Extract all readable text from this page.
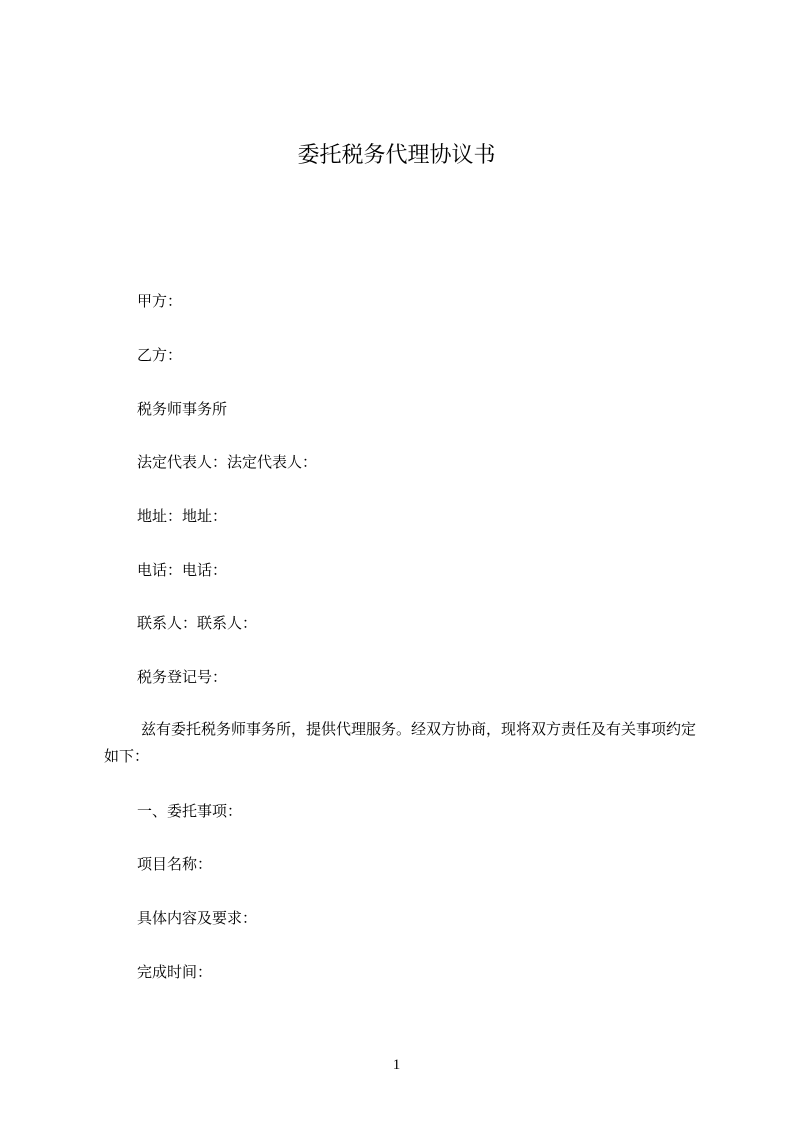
委托税务代理协议书
甲方：
乙方：
税务师事务所
法定代表人：法定代表人：
地址：地址：
电话：电话：
联系人：联系人：
税务登记号：
兹有委托税务师事务所，提供代理服务。经双方协商，现将双方责任及有关事项约定如下：
一、委托事项：
项目名称：
具体内容及要求：
完成时间：
1
